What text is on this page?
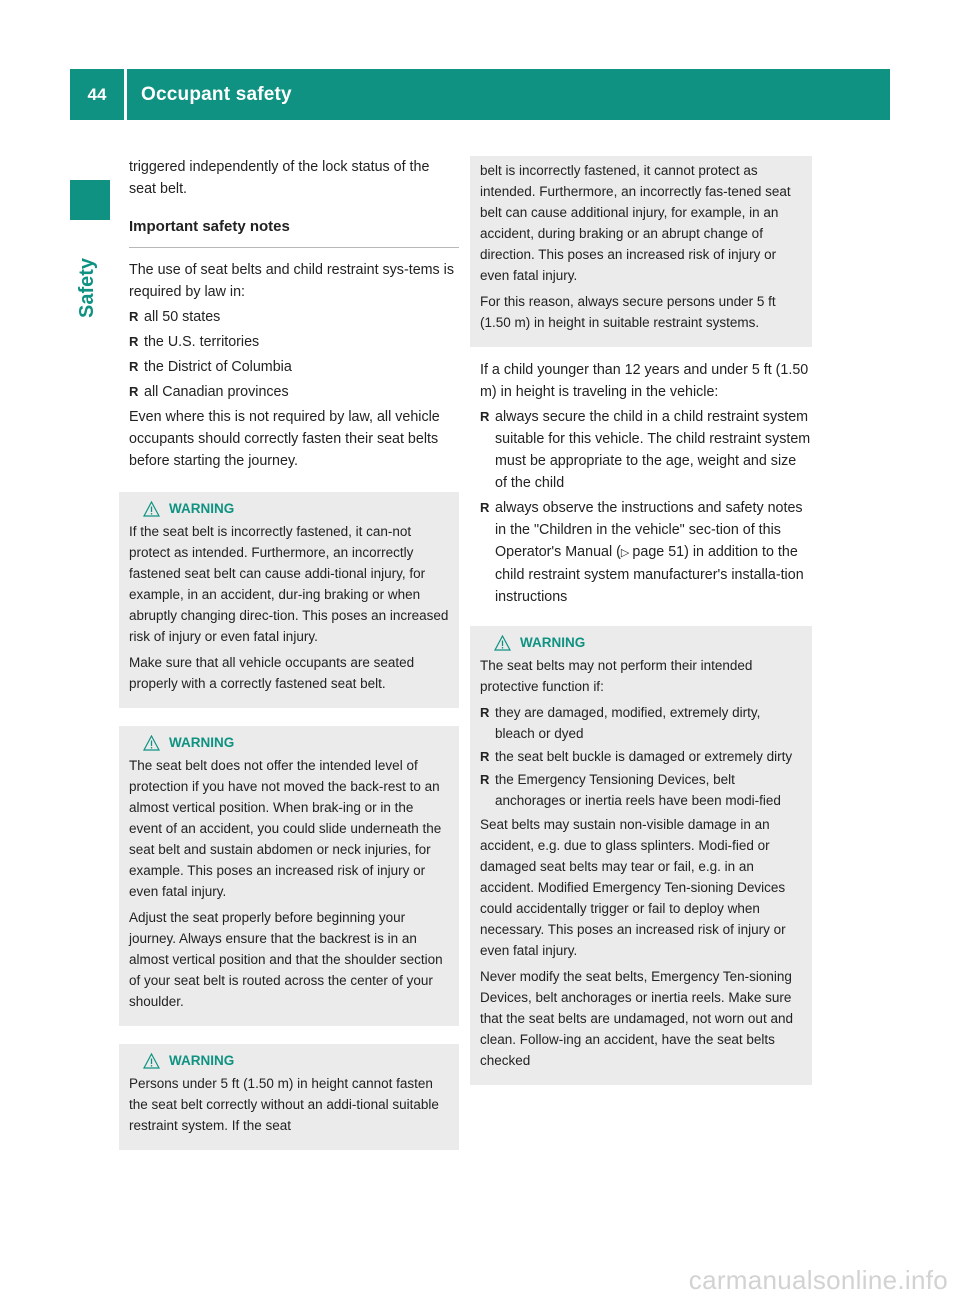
44	Occupant safety
Safety

triggered independently of the lock status of the seat belt.

Important safety notes

The use of seat belts and child restraint sys-tems is required by law in:

R all 50 states
R the U.S. territories
R the District of Columbia
R all Canadian provinces

Even where this is not required by law, all vehicle occupants should correctly fasten their seat belts before starting the journey.

WARNING

If the seat belt is incorrectly fastened, it can-not protect as intended. Furthermore, an incorrectly fastened seat belt can cause addi-tional injury, for example, in an accident, dur-ing braking or when abruptly changing direc-tion. This poses an increased risk of injury or even fatal injury.

Make sure that all vehicle occupants are seated properly with a correctly fastened seat belt.

WARNING

The seat belt does not offer the intended level of protection if you have not moved the back-rest to an almost vertical position. When brak-ing or in the event of an accident, you could slide underneath the seat belt and sustain abdomen or neck injuries, for example. This poses an increased risk of injury or even fatal injury.

Adjust the seat properly before beginning your journey. Always ensure that the backrest is in an almost vertical position and that the shoulder section of your seat belt is routed across the center of your shoulder.

WARNING

Persons under 5 ft (1.50 m) in height cannot fasten the seat belt correctly without an addi-tional suitable restraint system. If the seat

belt is incorrectly fastened, it cannot protect as intended. Furthermore, an incorrectly fas-tened seat belt can cause additional injury, for example, in an accident, during braking or an abrupt change of direction. This poses an increased risk of injury or even fatal injury.

For this reason, always secure persons under 5 ft (1.50 m) in height in suitable restraint systems.

If a child younger than 12 years and under 5 ft (1.50 m) in height is traveling in the vehicle:

R always secure the child in a child restraint system suitable for this vehicle. The child restraint system must be appropriate to the age, weight and size of the child
R always observe the instructions and safety notes in the "Children in the vehicle" sec-tion of this Operator's Manual (▷ page 51) in addition to the child restraint system manufacturer's installa-tion instructions
WARNING

The seat belts may not perform their intended protective function if:

R they are damaged, modified, extremely dirty, bleach or dyed
R the seat belt buckle is damaged or extremely dirty
R the Emergency Tensioning Devices, belt anchorages or inertia reels have been modi-fied

Seat belts may sustain non-visible damage in an accident, e.g. due to glass splinters. Modi-fied or damaged seat belts may tear or fail, e.g. in an accident. Modified Emergency Ten-sioning Devices could accidentally trigger or fail to deploy when necessary. This poses an increased risk of injury or even fatal injury.

Never modify the seat belts, Emergency Ten-sioning Devices, belt anchorages or inertia reels. Make sure that the seat belts are undamaged, not worn out and clean. Follow-ing an accident, have the seat belts checked

carmanualsonline.info
